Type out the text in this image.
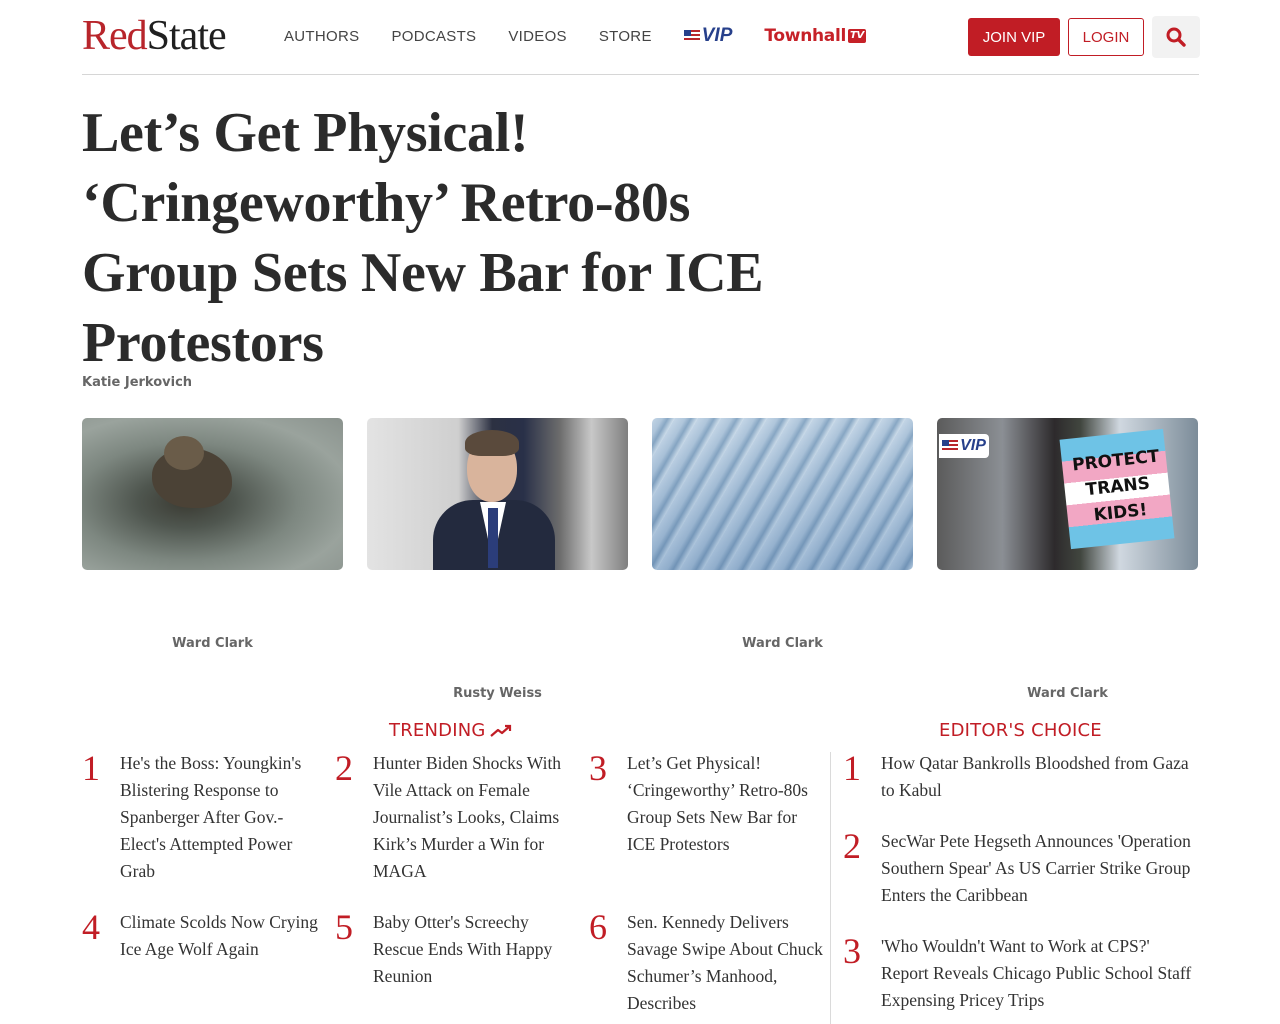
RedState	AUTHORS PODCASTS VIDEOS STORE	VIP Townhall TV	JOIN VIP	LOGIN
Let’s Get Physical! ‘Cringeworthy’ Retro-80s Group Sets New Bar for ICE Protestors
Katie Jerkovich
PROTECT TRANS KIDS!
VIP
Ward Clark
Rusty Weiss
Ward Clark
Ward Clark
TRENDING
1 He's the Boss: Youngkin's Blistering Response to Spanberger After Gov.-Elect's Attempted Power Grab
2 Hunter Biden Shocks With Vile Attack on Female Journalist’s Looks, Claims Kirk’s Murder a Win for MAGA
3 Let’s Get Physical! ‘Cringeworthy’ Retro-80s Group Sets New Bar for ICE Protestors
4 Climate Scolds Now Crying Ice Age Wolf Again
5 Baby Otter's Screechy Rescue Ends With Happy Reunion
6 Sen. Kennedy Delivers Savage Swipe About Chuck Schumer’s Manhood, Describes
EDITOR'S CHOICE
1 How Qatar Bankrolls Bloodshed from Gaza to Kabul
2 SecWar Pete Hegseth Announces 'Operation Southern Spear' As US Carrier Strike Group Enters the Caribbean
3 'Who Wouldn't Want to Work at CPS?' Report Reveals Chicago Public School Staff Expensing Pricey Trips
